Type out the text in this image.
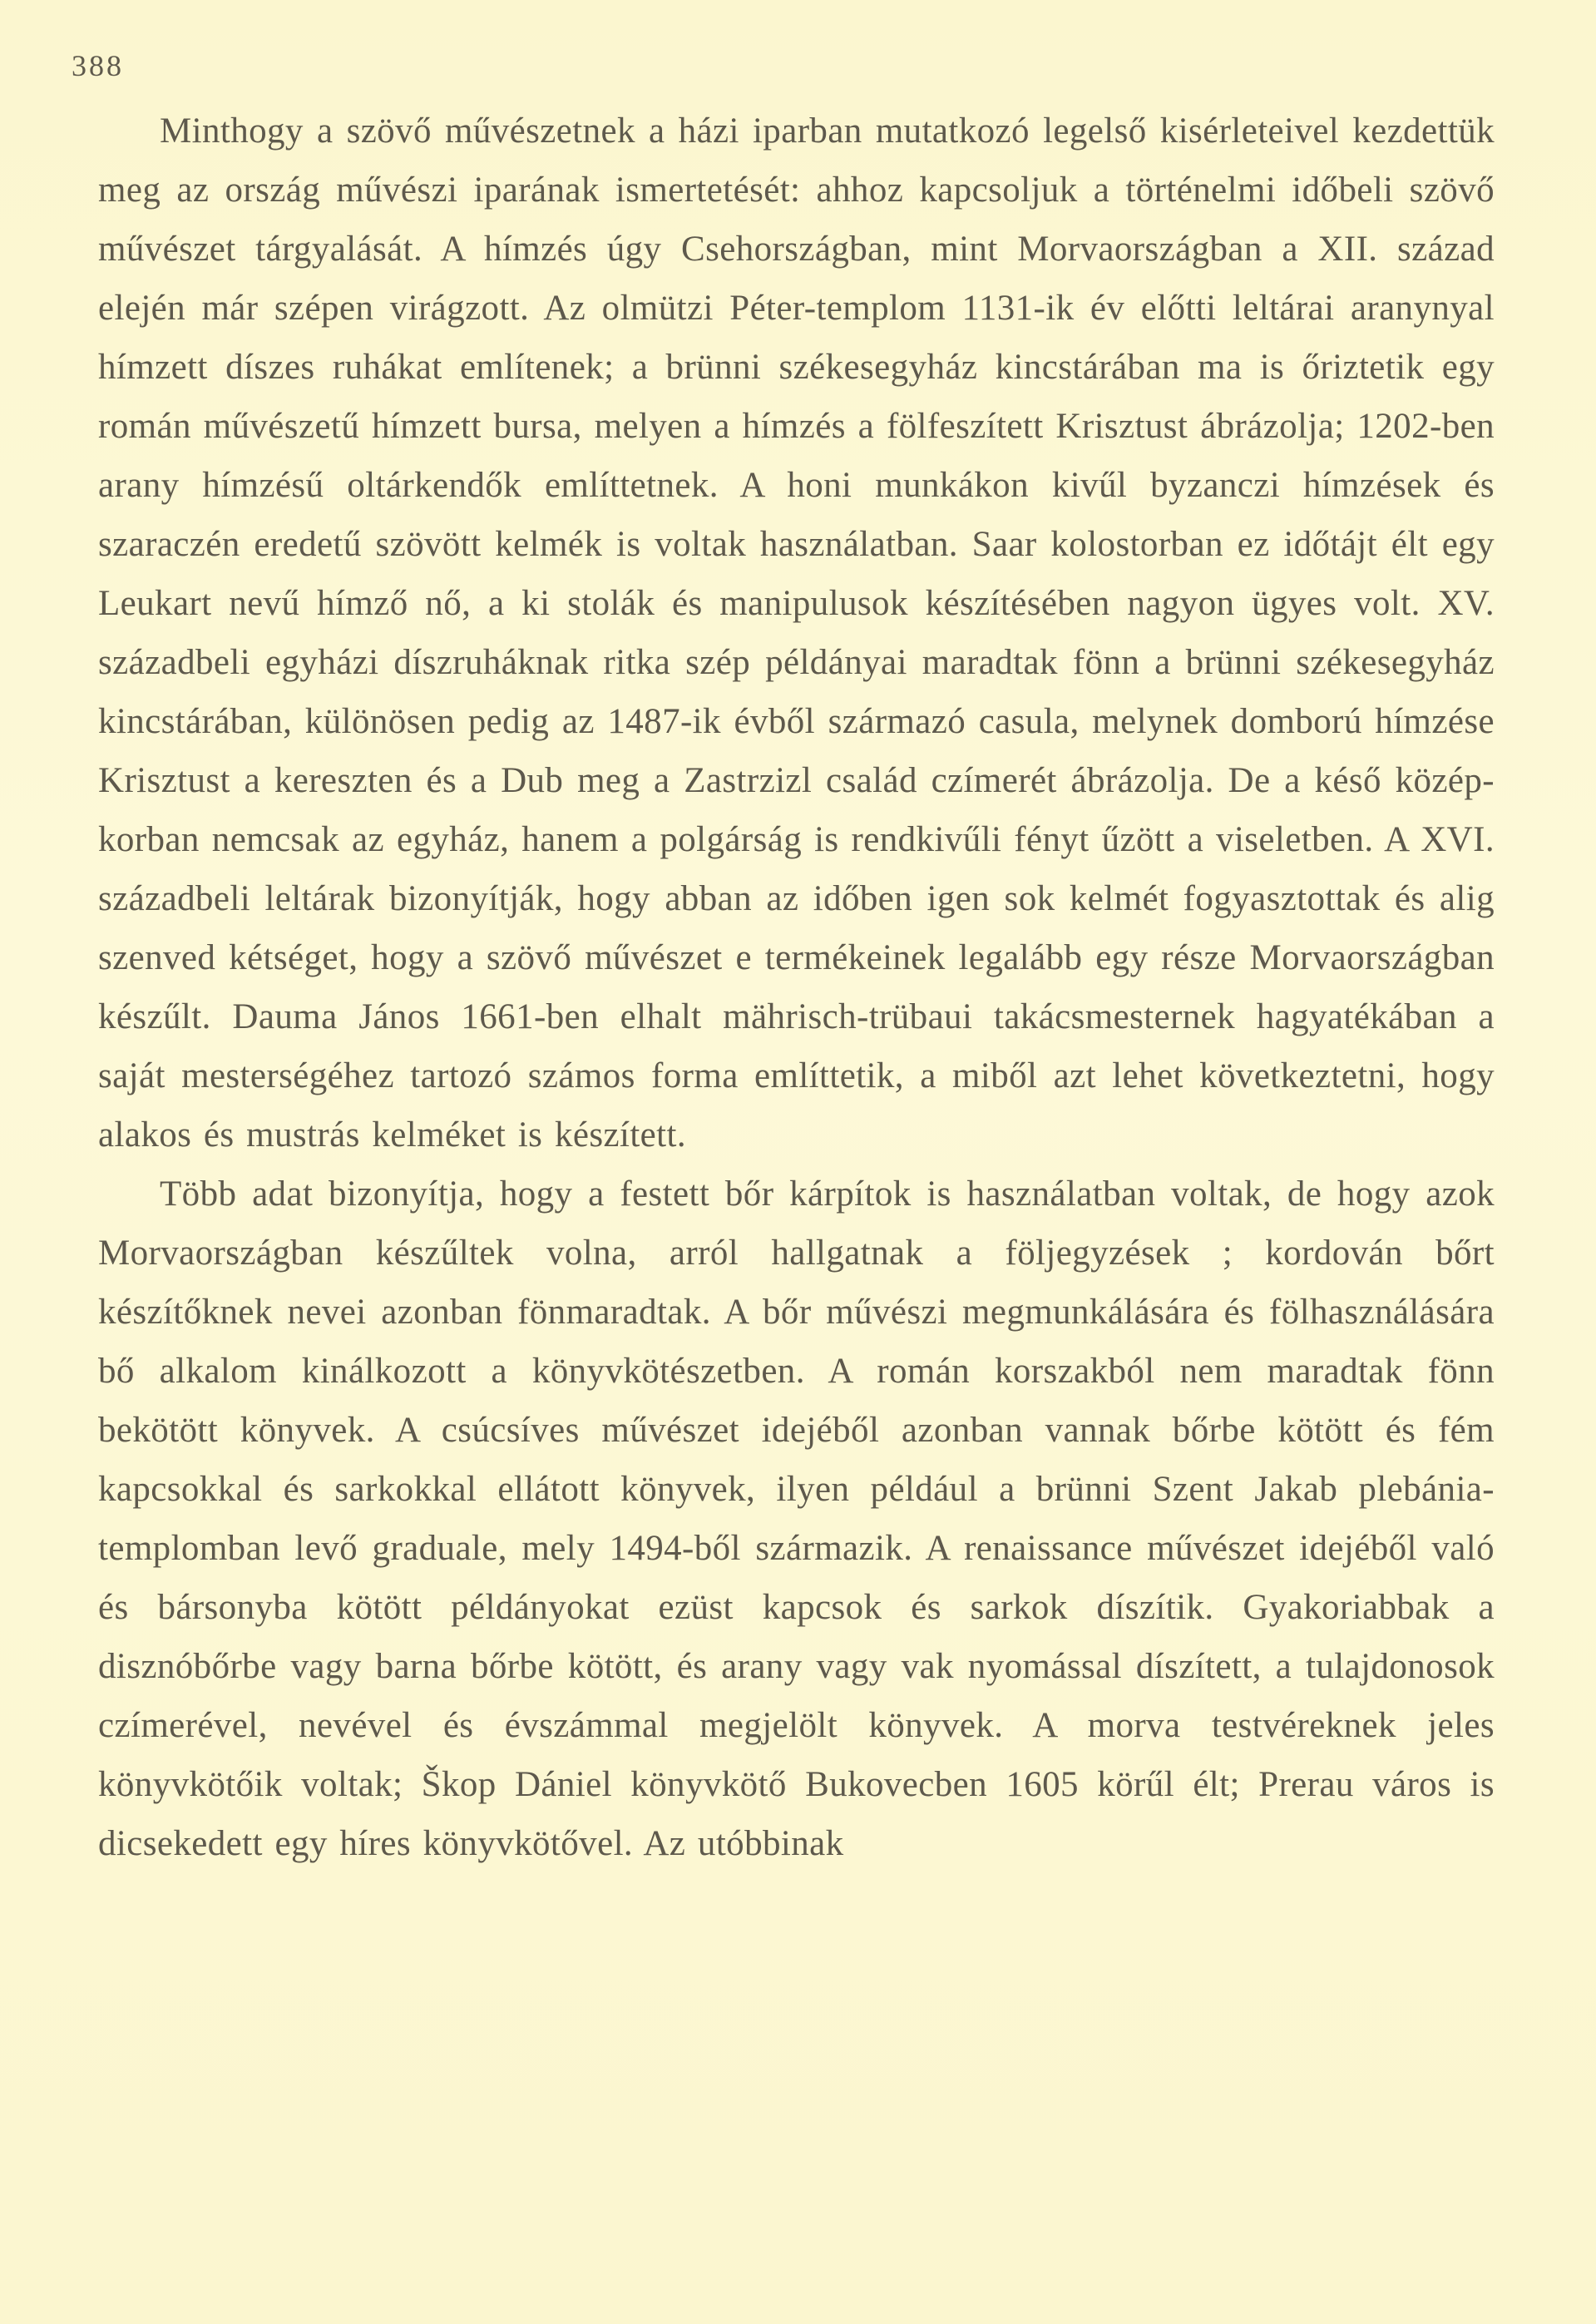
388

Minthogy a szövő művészetnek a házi iparban mutatkozó legelső kisérleteivel kezdettük meg az ország művészi iparának ismertetését: ahhoz kapcsoljuk a történelmi időbeli szövő művészet tárgyalását. A hímzés úgy Csehországban, mint Morvaországban a XII. század elején már szépen virágzott. Az olmützi Péter-templom 1131-ik év előtti leltárai aranynyal hímzett díszes ruhákat említenek; a brünni székesegyház kincstárában ma is őriztetik egy román művészetű hímzett bursa, melyen a hímzés a fölfeszített Krisztust ábrázolja; 1202-ben arany hímzésű oltárkendők említtetnek. A honi munkákon kivűl byzanczi hímzések és szaraczén eredetű szövött kelmék is voltak használatban. Saar kolostorban ez időtájt élt egy Leukart nevű hímző nő, a ki stolák és manipulusok készítésében nagyon ügyes volt. XV. századbeli egyházi díszruháknak ritka szép példányai maradtak fönn a brünni székesegyház kincstárában, különösen pedig az 1487-ik évből származó casula, melynek domború hímzése Krisztust a kereszten és a Dub meg a Zastrzizl család czímerét ábrázolja. De a késő közép-korban nemcsak az egyház, hanem a polgárság is rendkivűli fényt űzött a viseletben. A XVI. századbeli leltárak bizonyítják, hogy abban az időben igen sok kelmét fogyasztottak és alig szenved kétséget, hogy a szövő művészet e termékeinek legalább egy része Morvaországban készűlt. Dauma János 1661-ben elhalt mährisch-trübaui takácsmesternek hagyatékában a saját mesterségéhez tartozó számos forma említtetik, a miből azt lehet következtetni, hogy alakos és mustrás kelméket is készített.

Több adat bizonyítja, hogy a festett bőr kárpítok is használatban voltak, de hogy azok Morvaországban készűltek volna, arról hallgatnak a följegyzések ; kordován bőrt készítőknek nevei azonban fönmaradtak. A bőr művészi megmunkálására és fölhasználására bő alkalom kinálkozott a könyvkötészetben. A román korszakból nem maradtak fönn bekötött könyvek. A csúcsíves művészet idejéből azonban vannak bőrbe kötött és fém kapcsokkal és sarkokkal ellátott könyvek, ilyen például a brünni Szent Jakab plebánia-templomban levő graduale, mely 1494-ből származik. A renaissance művészet idejéből való és bársonyba kötött példányokat ezüst kapcsok és sarkok díszítik. Gyakoriabbak a disznóbőrbe vagy barna bőrbe kötött, és arany vagy vak nyomással díszített, a tulajdonosok czímerével, nevével és évszámmal megjelölt könyvek. A morva testvéreknek jeles könyvkötőik voltak; Škop Dániel könyvkötő Bukovecben 1605 körűl élt; Prerau város is dicsekedett egy híres könyvkötővel. Az utóbbinak
